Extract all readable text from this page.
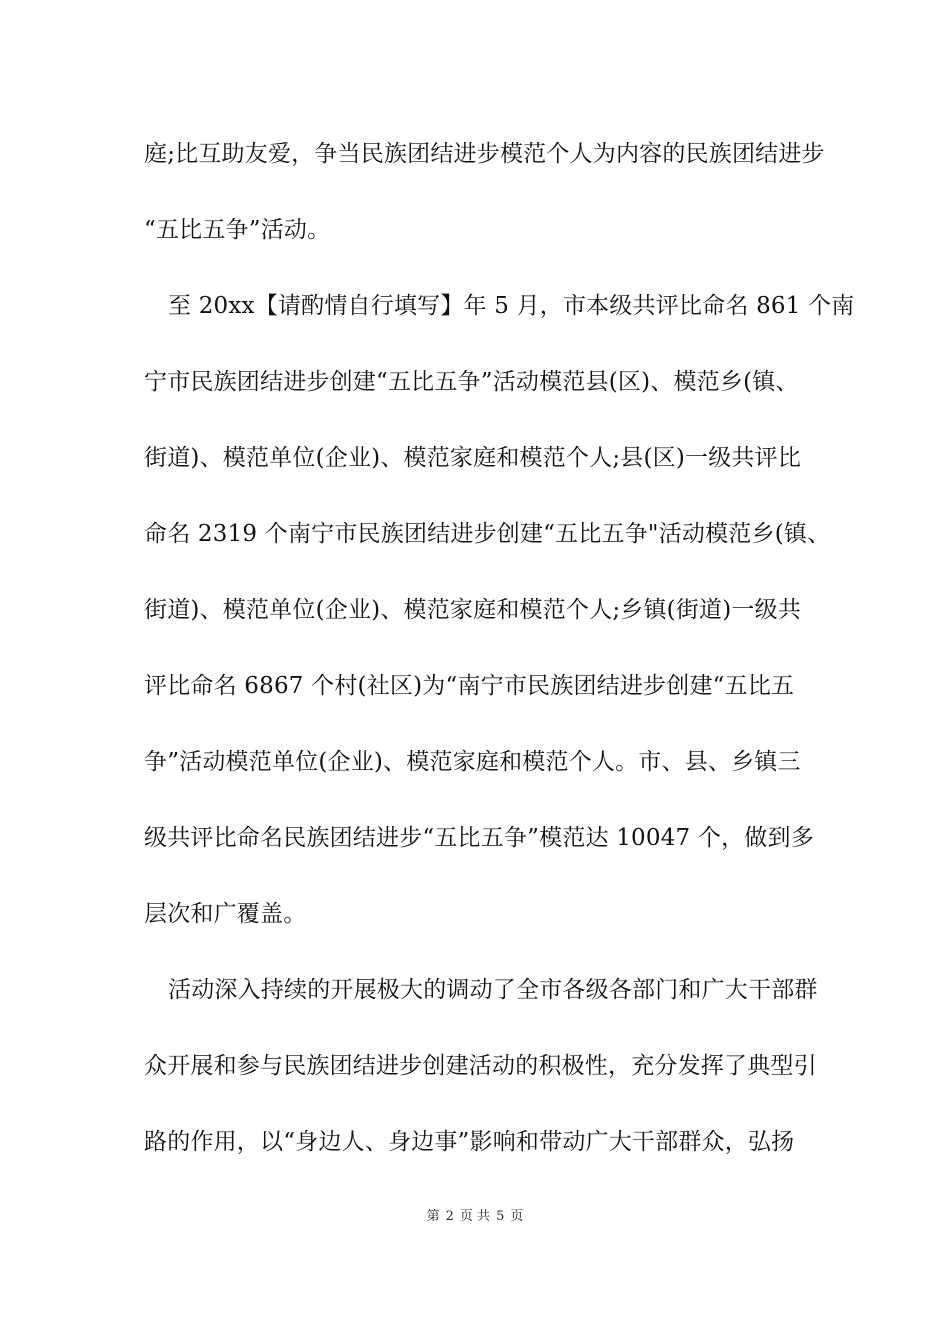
庭;比互助友爱，争当民族团结进步模范个人为内容的民族团结进步
“五比五争”活动。
至 20xx【请酌情自行填写】年 5 月，市本级共评比命名 861 个南
宁市民族团结进步创建“五比五争”活动模范县(区)、模范乡(镇、
街道)、模范单位(企业)、模范家庭和模范个人;县(区)一级共评比
命名 2319 个南宁市民族团结进步创建“五比五争"活动模范乡(镇、
街道)、模范单位(企业)、模范家庭和模范个人;乡镇(街道)一级共
评比命名 6867 个村(社区)为“南宁市民族团结进步创建“五比五
争”活动模范单位(企业)、模范家庭和模范个人。市、县、乡镇三
级共评比命名民族团结进步“五比五争”模范达 10047 个，做到多
层次和广覆盖。
活动深入持续的开展极大的调动了全市各级各部门和广大干部群
众开展和参与民族团结进步创建活动的积极性，充分发挥了典型引
路的作用，以“身边人、身边事”影响和带动广大干部群众，弘扬
第 2 页 共 5 页
